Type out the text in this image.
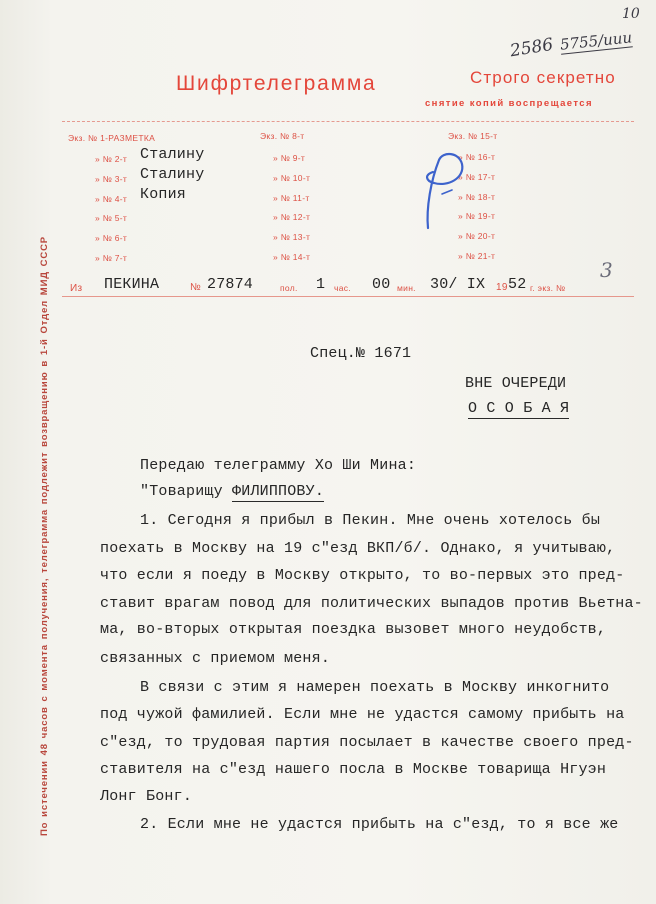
10
2586 5755/иии
Шифртелеграмма	Строго секретно
снятие копий воспрещается
Экз. № 1-РАЗМЕТКА
» № 2-т Сталину
» № 3-т Сталину
» № 4-т Копия
» № 5-т
» № 6-т
» № 7-т
Экз. № 8-т
» № 9-т
» № 10-т
» № 11-т
» № 12-т
» № 13-т
» № 14-т
Экз. № 15-т
» № 16-т
» № 17-т
» № 18-т
» № 19-т
» № 20-т
» № 21-т
Из ПЕКИНА	№ 27874	пол. 1 час. 00 мин. 30/ IX 19 52 г. экз. №
3
По истечении 48 часов с момента получения, телеграмма подлежит возвращению в 1-й Отдел МИД СССР	Спец.№ 1671
ВНЕ ОЧЕРЕДИ
О С О Б А Я
Передаю телеграмму Хо Ши Мина:
"Товарищу ФИЛИППОВУ.
1. Сегодня я прибыл в Пекин. Мне очень хотелось бы
поехать в Москву на 19 с"езд ВКП/б/. Однако, я учитываю,
что если я поеду в Москву открыто, то во-первых это пред-
ставит врагам повод для политических выпадов против Вьетна-
ма, во-вторых открытая поездка вызовет много неудобств,
связанных с приемом меня.
В связи с этим я намерен поехать в Москву инкогнито
под чужой фамилией. Если мне не удастся самому прибыть на
с"езд, то трудовая партия посылает в качестве своего пред-
ставителя на с"езд нашего посла в Москве товарища Нгуэн
Лонг Бонг.
2. Если мне не удастся прибыть на с"езд, то я все же
